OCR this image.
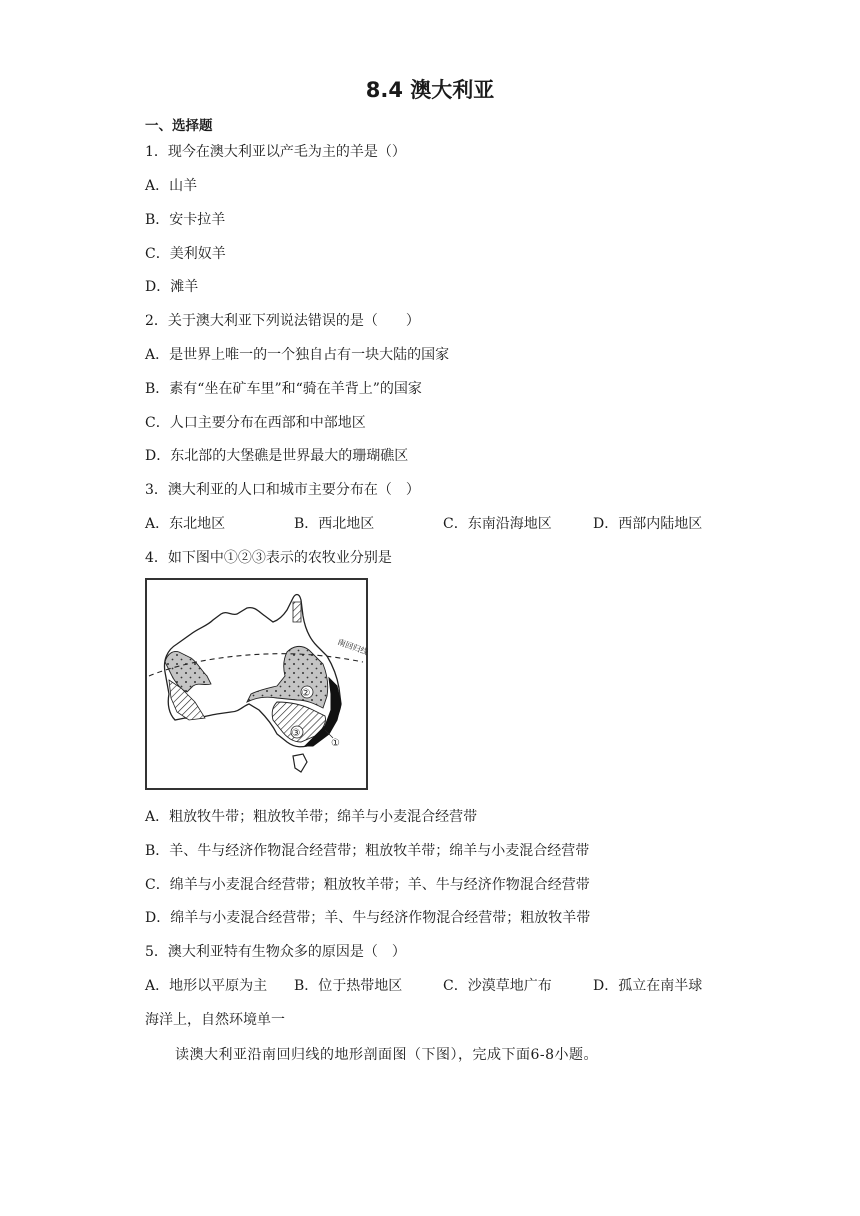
8.4 澳大利亚
一、选择题
1．现今在澳大利亚以产毛为主的羊是（）
A．山羊
B．安卡拉羊
C．美利奴羊
D．滩羊
2．关于澳大利亚下列说法错误的是（　　）
A．是世界上唯一的一个独自占有一块大陆的国家
B．素有“坐在矿车里”和“骑在羊背上”的国家
C．人口主要分布在西部和中部地区
D．东北部的大堡礁是世界最大的珊瑚礁区
3．澳大利亚的人口和城市主要分布在（　）
A．东北地区	B．西北地区	C．东南沿海地区	D．西部内陆地区
4．如下图中①②③表示的农牧业分别是
南回归线
②
③
①
A．粗放牧牛带；粗放牧羊带；绵羊与小麦混合经营带
B．羊、牛与经济作物混合经营带；粗放牧羊带；绵羊与小麦混合经营带
C．绵羊与小麦混合经营带；粗放牧羊带；羊、牛与经济作物混合经营带
D．绵羊与小麦混合经营带；羊、牛与经济作物混合经营带；粗放牧羊带
5．澳大利亚特有生物众多的原因是（　）
A．地形以平原为主 B．位于热带地区	C．沙漠草地广布	D．孤立在南半球
海洋上，自然环境单一
读澳大利亚沿南回归线的地形剖面图（下图），完成下面6-8小题。
